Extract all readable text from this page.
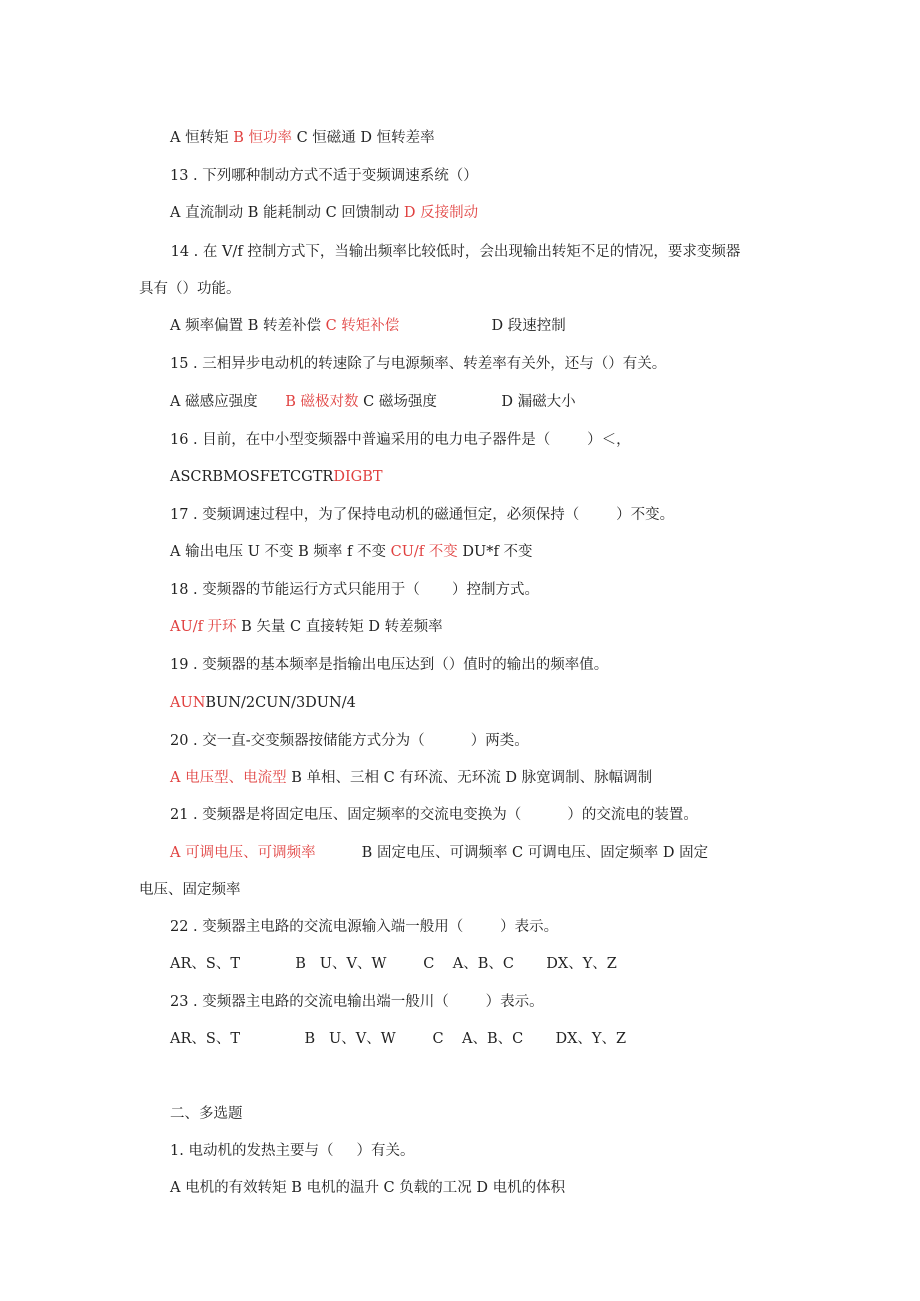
A 恒转矩 B 恒功率 C 恒磁通 D 恒转差率
13 . 下列哪种制动方式不适于变频调速系统（）
A 直流制动 B 能耗制动 C 回馈制动 D 反接制动
14 . 在 V/f 控制方式下，当输出频率比较低时，会出现输出转矩不足的情况，要求变频器
具有（）功能。
A 频率偏置 B 转差补偿 C 转矩补偿                    D 段速控制
15 . 三相异步电动机的转速除了与电源频率、转差率有关外，还与（）有关。
A 磁感应强度      B 磁极对数 C 磁场强度              D 漏磁大小
16 . 目前，在中小型变频器中普遍采用的电力电子器件是（        ）＜，
ASCRBMOSFETCGTRDIGBT
17 . 变频调速过程中，为了保持电动机的磁通恒定，必须保持（        ）不变。
A 输出电压 U 不变 B 频率 f 不变 CU/f 不变 DU*f 不变
18 . 变频器的节能运行方式只能用于（       ）控制方式。
AU/f 开环 B 矢量 C 直接转矩 D 转差频率
19 . 变频器的基本频率是指输出电压达到（）值时的输出的频率值。
AUNBUN/2CUN/3DUN/4
20 . 交一直-交变频器按储能方式分为（          ）两类。
A 电压型、电流型 B 单相、三相 C 有环流、无环流 D 脉宽调制、脉幅调制
21 . 变频器是将固定电压、固定频率的交流电变换为（          ）的交流电的装置。
A 可调电压、可调频率          B 固定电压、可调频率 C 可调电压、固定频率 D 固定
电压、固定频率
22 . 变频器主电路的交流电源输入端一般用（        ）表示。
AR、S、T            B   U、V、W        C    A、B、C       DX、Y、Z
23 . 变频器主电路的交流电输出端一般川（        ）表示。
AR、S、T              B   U、V、W        C    A、B、C       DX、Y、Z
二、多选题
1. 电动机的发热主要与（     ）有关。
A 电机的有效转矩 B 电机的温升 C 负载的工况 D 电机的体积
